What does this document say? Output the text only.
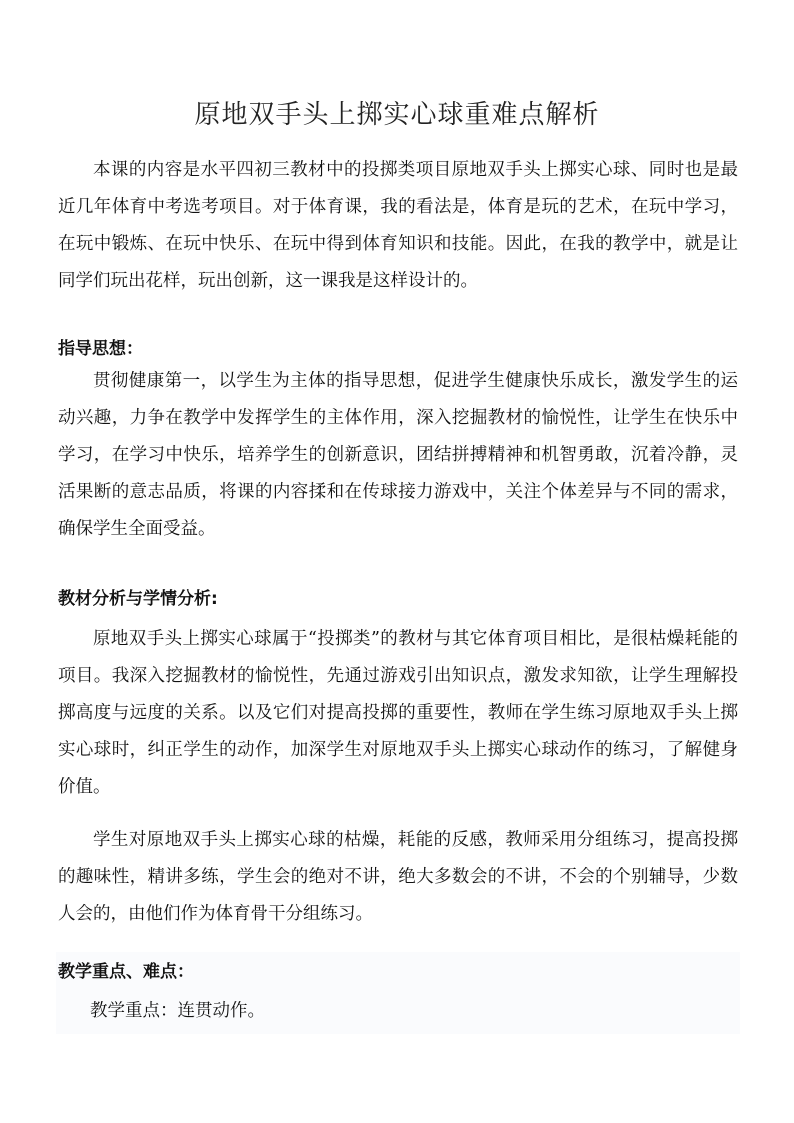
原地双手头上掷实心球重难点解析

本课的内容是水平四初三教材中的投掷类项目原地双手头上掷实心球、同时也是最近几年体育中考选考项目。对于体育课，我的看法是，体育是玩的艺术，在玩中学习，在玩中锻炼、在玩中快乐、在玩中得到体育知识和技能。因此，在我的教学中，就是让同学们玩出花样，玩出创新，这一课我是这样设计的。

指导思想：

贯彻健康第一，以学生为主体的指导思想，促进学生健康快乐成长，激发学生的运动兴趣，力争在教学中发挥学生的主体作用，深入挖掘教材的愉悦性，让学生在快乐中学习，在学习中快乐，培养学生的创新意识，团结拼搏精神和机智勇敢，沉着冷静，灵活果断的意志品质，将课的内容揉和在传球接力游戏中，关注个体差异与不同的需求，确保学生全面受益。

教材分析与学情分析:

原地双手头上掷实心球属于“投掷类”的教材与其它体育项目相比，是很枯燥耗能的项目。我深入挖掘教材的愉悦性，先通过游戏引出知识点，激发求知欲，让学生理解投掷高度与远度的关系。以及它们对提高投掷的重要性，教师在学生练习原地双手头上掷实心球时，纠正学生的动作，加深学生对原地双手头上掷实心球动作的练习，了解健身价值。

学生对原地双手头上掷实心球的枯燥，耗能的反感，教师采用分组练习，提高投掷的趣味性，精讲多练，学生会的绝对不讲，绝大多数会的不讲，不会的个别辅导，少数人会的，由他们作为体育骨干分组练习。

教学重点、难点：
教学重点：连贯动作。
